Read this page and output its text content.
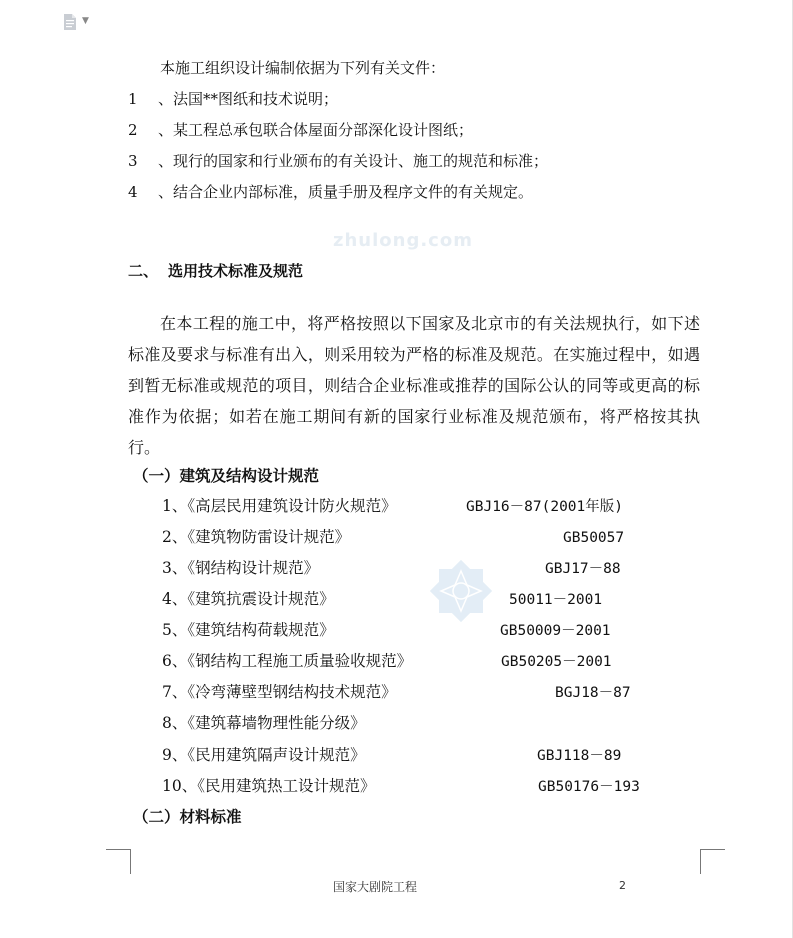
▼
本施工组织设计编制依据为下列有关文件：
1 、法国**图纸和技术说明；
2 、某工程总承包联合体屋面分部深化设计图纸；
3 、现行的国家和行业颁布的有关设计、施工的规范和标准；
4 、结合企业内部标准，质量手册及程序文件的有关规定。
zhulong.com
二、 选用技术标准及规范
在本工程的施工中，将严格按照以下国家及北京市的有关法规执行，如下述标准及要求与标准有出入，则采用较为严格的标准及规范。在实施过程中，如遇到暂无标准或规范的项目，则结合企业标准或推荐的国际公认的同等或更高的标准作为依据；如若在施工期间有新的国家行业标准及规范颁布，将严格按其执行。
（一）建筑及结构设计规范
1、《高层民用建筑设计防火规范》	GBJ16－87(2001年版)
2、《建筑物防雷设计规范》	GB50057
3、《钢结构设计规范》	GBJ17－88
4、《建筑抗震设计规范》	50011－2001
5、《建筑结构荷载规范》	GB50009－2001
6、《钢结构工程施工质量验收规范》	GB50205－2001
7、《冷弯薄壁型钢结构技术规范》	BGJ18－87
8、《建筑幕墙物理性能分级》
9、《民用建筑隔声设计规范》	GBJ118－89
10、《民用建筑热工设计规范》	GB50176－193
（二）材料标准
国家大剧院工程	2
